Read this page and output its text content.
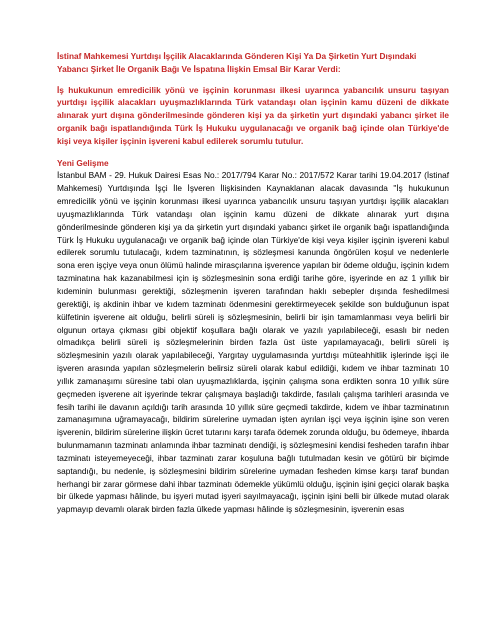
İstinaf Mahkemesi Yurtdışı İşçilik Alacaklarında Gönderen Kişi Ya Da Şirketin Yurt Dışındaki Yabancı Şirket İle Organik Bağı Ve İspatına İlişkin Emsal Bir Karar Verdi:

İş hukukunun emredicilik yönü ve işçinin korunması ilkesi uyarınca yabancılık unsuru taşıyan yurtdışı işçilik alacakları uyuşmazlıklarında Türk vatandaşı olan işçinin kamu düzeni de dikkate alınarak yurt dışına gönderilmesinde gönderen kişi ya da şirketin yurt dışındaki yabancı şirket ile organik bağı ispatlandığında Türk İş Hukuku uygulanacağı ve organik bağ içinde olan Türkiye'de kişi veya kişiler işçinin işvereni kabul edilerek sorumlu tutulur.

Yeni Gelişme

İstanbul BAM - 29. Hukuk Dairesi Esas No.: 2017/794 Karar No.: 2017/572 Karar tarihi 19.04.2017 (İstinaf Mahkemesi) Yurtdışında İşçi İle İşveren İlişkisinden Kaynaklanan alacak davasında "İş hukukunun emredicilik yönü ve işçinin korunması ilkesi uyarınca yabancılık unsuru taşıyan yurtdışı işçilik alacakları uyuşmazlıklarında Türk vatandaşı olan işçinin kamu düzeni de dikkate alınarak yurt dışına gönderilmesinde gönderen kişi ya da şirketin yurt dışındaki yabancı şirket ile organik bağı ispatlandığında Türk İş Hukuku uygulanacağı ve organik bağ içinde olan Türkiye'de kişi veya kişiler işçinin işvereni kabul edilerek sorumlu tutulacağı, kıdem tazminatının, iş sözleşmesi kanunda öngörülen koşul ve nedenlerle sona eren işçiye veya onun ölümü halinde mirasçılarına işverence yapılan bir ödeme olduğu, işçinin kıdem tazminatına hak kazanabilmesi için iş sözleşmesinin sona erdiği tarihe göre, işyerinde en az 1 yıllık bir kıdeminin bulunması gerektiği, sözleşmenin işveren tarafından haklı sebepler dışında feshedilmesi gerektiği, iş akdinin ihbar ve kıdem tazminatı ödenmesini gerektirmeyecek şekilde son bulduğunun ispat külfetinin işverene ait olduğu, belirli süreli iş sözleşmesinin, belirli bir işin tamamlanması veya belirli bir olgunun ortaya çıkması gibi objektif koşullara bağlı olarak ve yazılı yapılabileceği, esaslı bir neden olmadıkça belirli süreli iş sözleşmelerinin birden fazla üst üste yapılamayacağı, belirli süreli iş sözleşmesinin yazılı olarak yapılabileceği, Yargıtay uygulamasında yurtdışı müteahhitlik işlerinde işçi ile işveren arasında yapılan sözleşmelerin belirsiz süreli olarak kabul edildiği, kıdem ve ihbar tazminatı 10 yıllık zamanaşımı süresine tabi olan uyuşmazlıklarda, işçinin çalışma sona erdikten sonra 10 yıllık süre geçmeden işverene ait işyerinde tekrar çalışmaya başladığı takdirde, fasılalı çalışma tarihleri arasında ve fesih tarihi ile davanın açıldığı tarih arasında 10 yıllık süre geçmedi takdirde, kıdem ve ihbar tazminatının zamanaşımına uğramayacağı, bildirim sürelerine uymadan işten ayrılan işçi veya işçinin işine son veren işverenin, bildirim sürelerine ilişkin ücret tutarını karşı tarafa ödemek zorunda olduğu, bu ödemeye, ihbarda bulunmamanın tazminatı anlamında ihbar tazminatı dendiği, iş sözleşmesini kendisi fesheden tarafın ihbar tazminatı isteyemeyeceği, ihbar tazminatı zarar koşuluna bağlı tutulmadan kesin ve götürü bir biçimde saptandığı, bu nedenle, iş sözleşmesini bildirim sürelerine uymadan fesheden kimse karşı taraf bundan herhangi bir zarar görmese dahi ihbar tazminatı ödemekle yükümlü olduğu, işçinin işini geçici olarak başka bir ülkede yapması hâlinde, bu işyeri mutad işyeri sayılmayacağı, işçinin işini belli bir ülkede mutad olarak yapmayıp devamlı olarak birden fazla ülkede yapması hâlinde iş sözleşmesinin, işverenin esas
